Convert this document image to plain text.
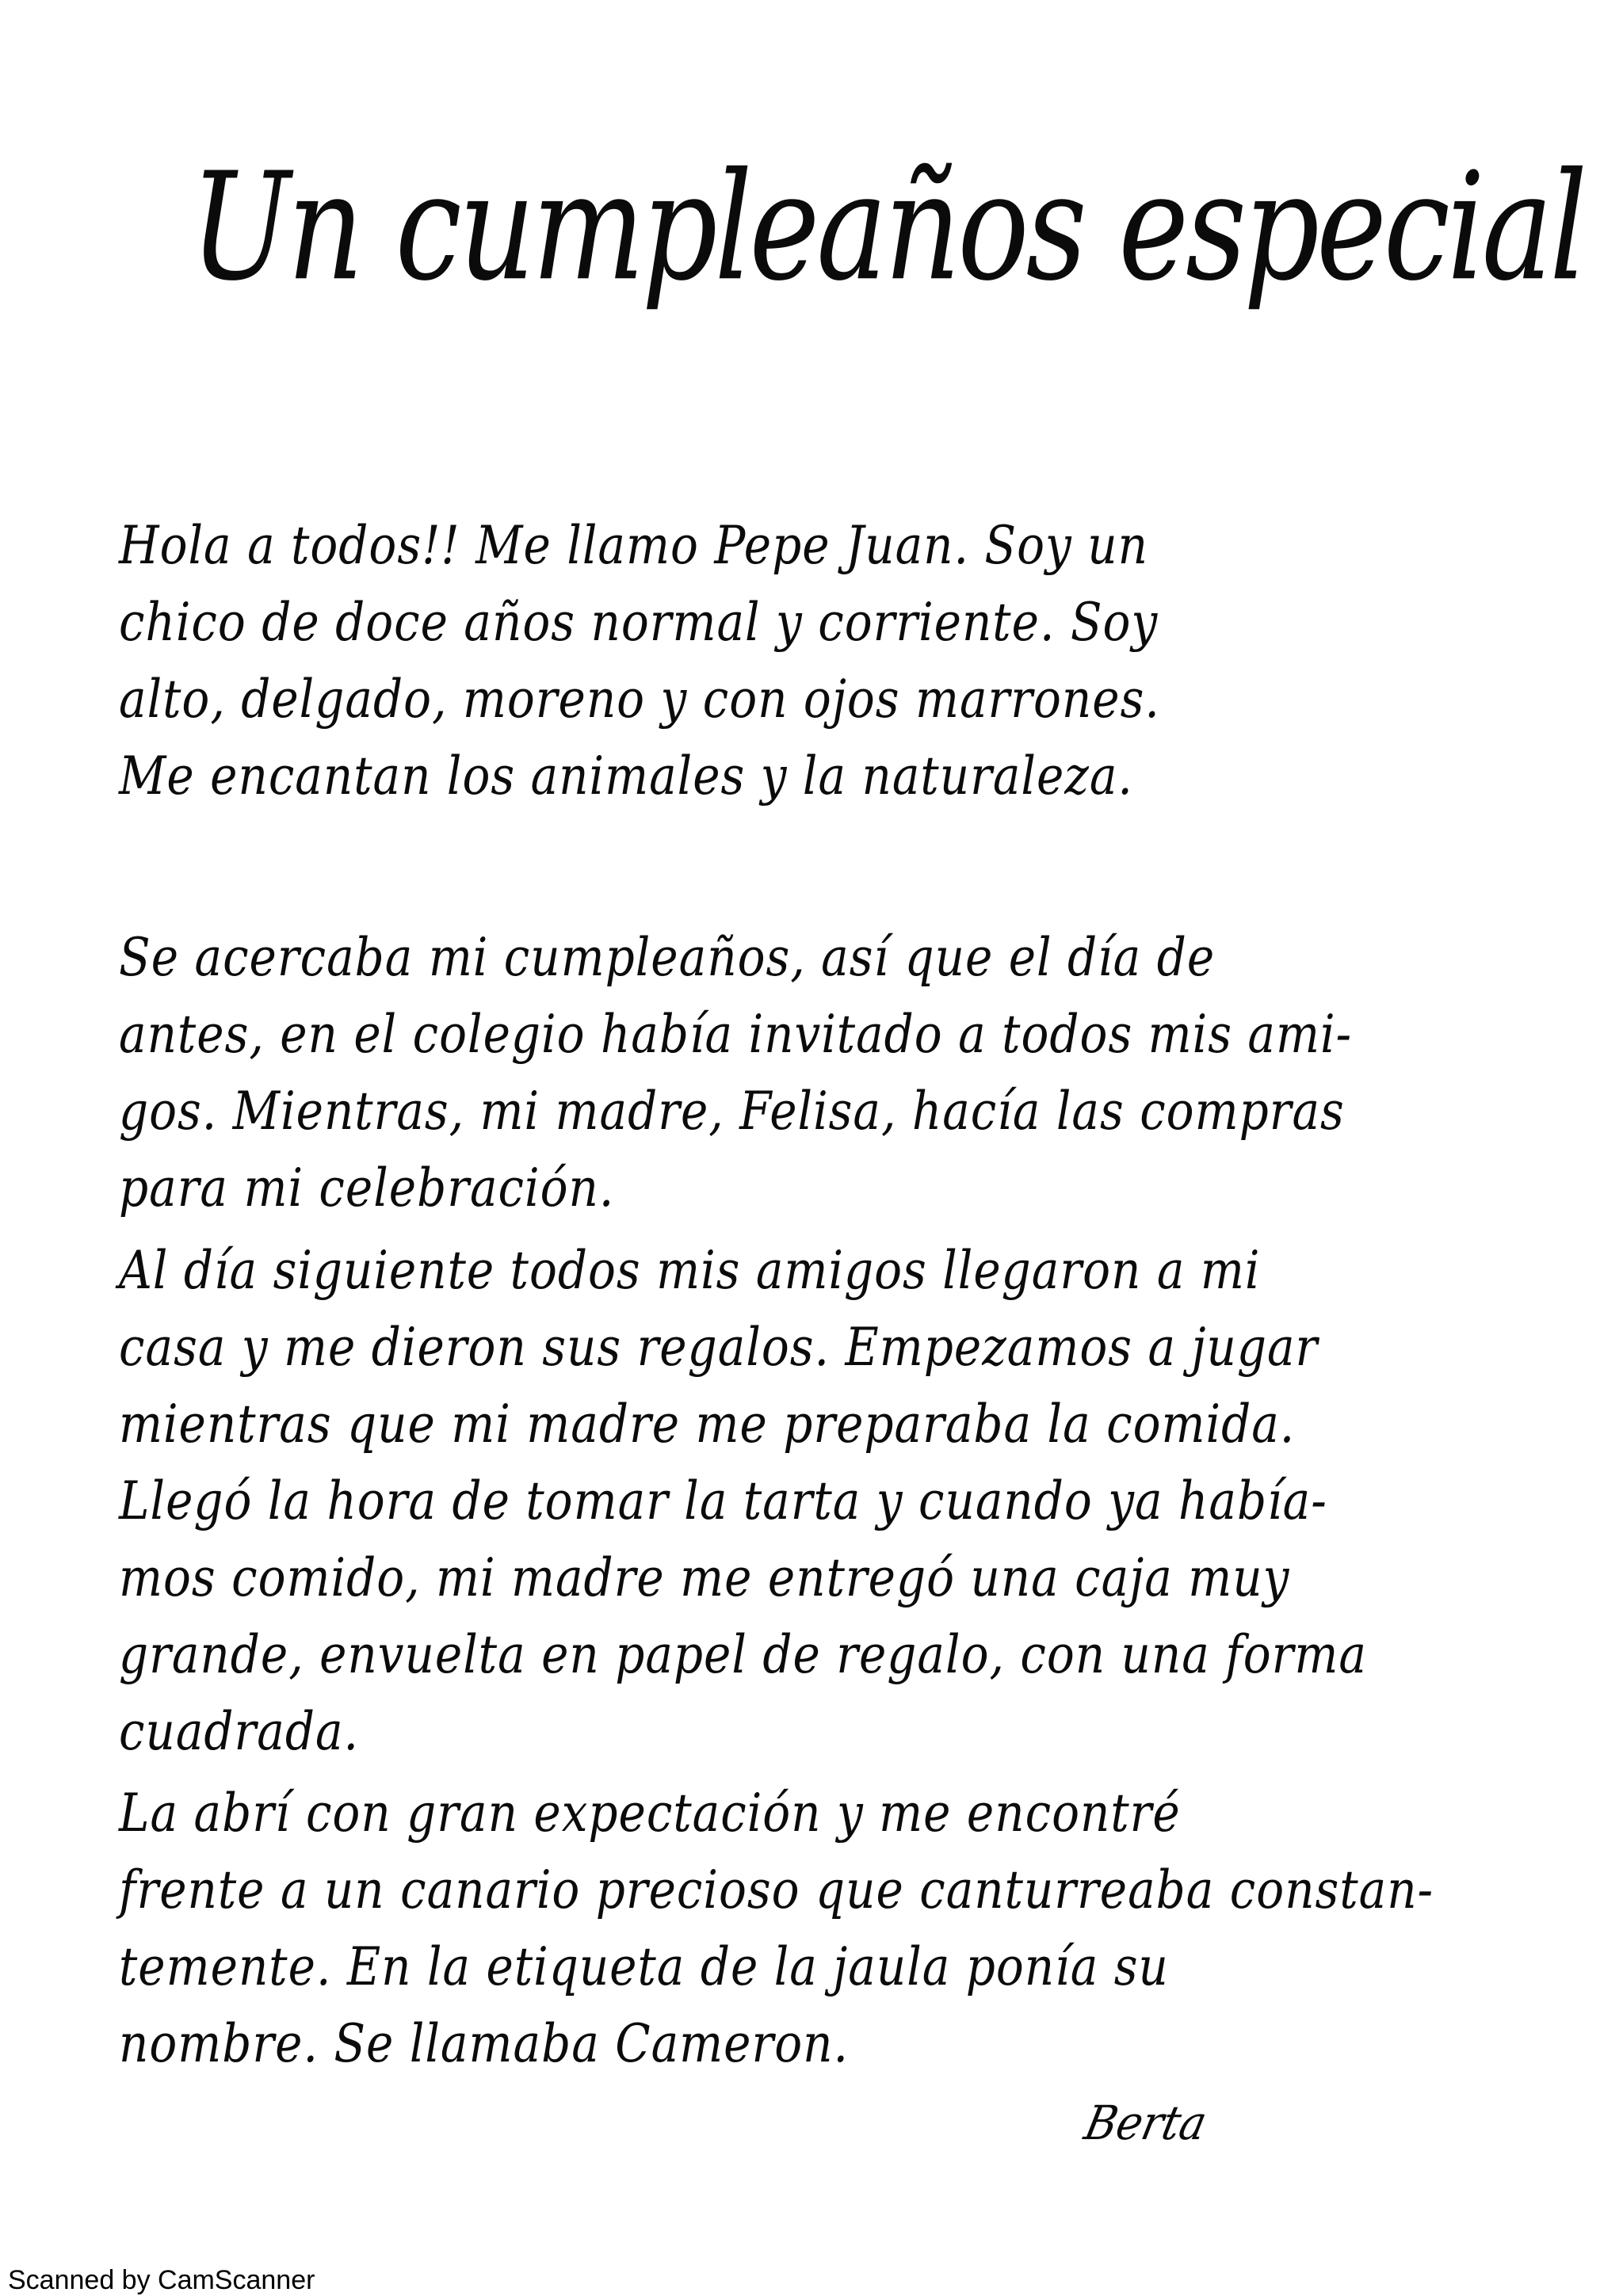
Un cumpleaños especial
Hola a todos!! Me llamo Pepe Juan. Soy un
chico de doce años normal y corriente. Soy
alto, delgado, moreno y con ojos marrones.
Me encantan los animales y la naturaleza.
Se acercaba mi cumpleaños, así que el día de
antes, en el colegio había invitado a todos mis ami-
gos. Mientras, mi madre, Felisa, hacía las compras
para mi celebración.
Al día siguiente todos mis amigos llegaron a mi
casa y me dieron sus regalos. Empezamos a jugar
mientras que mi madre me preparaba la comida.
Llegó la hora de tomar la tarta y cuando ya había-
mos comido, mi madre me entregó una caja muy
grande, envuelta en papel de regalo, con una forma
cuadrada.
La abrí con gran expectación y me encontré
frente a un canario precioso que canturreaba constan-
temente. En la etiqueta de la jaula ponía su
nombre. Se llamaba Cameron.
Berta
Scanned by CamScanner
